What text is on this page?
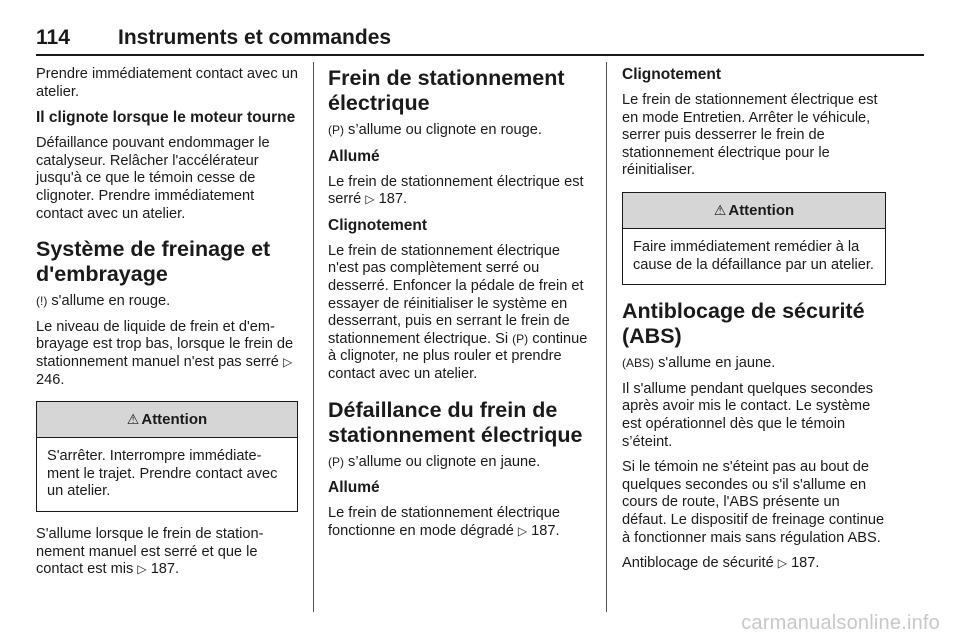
114 Instruments et commandes

Prendre immédiatement contact avec un atelier.

Il clignote lorsque le moteur tourne

Défaillance pouvant endommager le catalyseur. Relâcher l'accélérateur jusqu'à ce que le témoin cesse de clignoter. Prendre immédiatement contact avec un atelier.

Système de freinage et d'embrayage

(!) s'allume en rouge.

Le niveau de liquide de frein et d'embrayage est trop bas, lorsque le frein de stationnement manuel n'est pas serré ▷ 246.

⚠ Attention

S'arrêter. Interrompre immédiatement le trajet. Prendre contact avec un atelier.

S'allume lorsque le frein de stationnement manuel est serré et que le contact est mis ▷ 187.

Frein de stationnement électrique

(P) s’allume ou clignote en rouge.

Allumé

Le frein de stationnement électrique est serré ▷ 187.

Clignotement

Le frein de stationnement électrique n'est pas complètement serré ou desserré. Enfoncer la pédale de frein et essayer de réinitialiser le système en desserrant, puis en serrant le frein de stationnement électrique. Si (P) continue à clignoter, ne plus rouler et prendre contact avec un atelier.

Défaillance du frein de stationnement électrique

(P) s’allume ou clignote en jaune.

Allumé

Le frein de stationnement électrique fonctionne en mode dégradé ▷ 187.

Clignotement

Le frein de stationnement électrique est en mode Entretien. Arrêter le véhicule, serrer puis desserrer le frein de stationnement électrique pour le réinitialiser.

⚠ Attention

Faire immédiatement remédier à la cause de la défaillance par un atelier.

Antiblocage de sécurité (ABS)

(ABS) s'allume en jaune.

Il s'allume pendant quelques secondes après avoir mis le contact. Le système est opérationnel dès que le témoin s’éteint.

Si le témoin ne s'éteint pas au bout de quelques secondes ou s'il s'allume en cours de route, l'ABS présente un défaut. Le dispositif de freinage continue à fonctionner mais sans régulation ABS.

Antiblocage de sécurité ▷ 187.

carmanualsonline.info
